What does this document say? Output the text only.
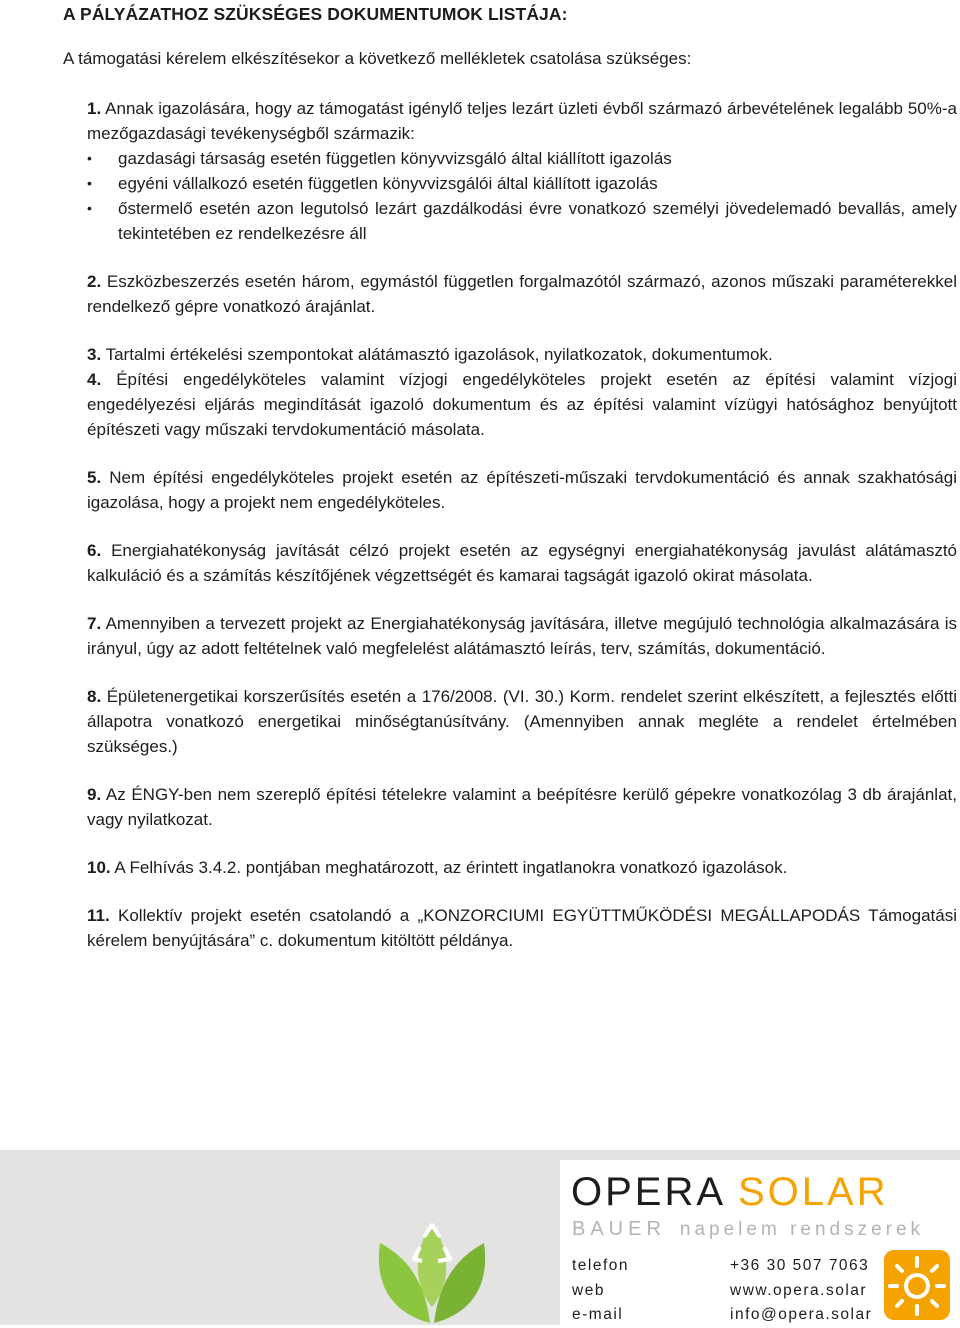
A PÁLYÁZATHOZ SZÜKSÉGES DOKUMENTUMOK LISTÁJA:
A támogatási kérelem elkészítésekor a következő mellékletek csatolása szükséges:

1. Annak igazolására, hogy az támogatást igénylő teljes lezárt üzleti évből származó árbevételének legalább 50%-a mezőgazdasági tevékenységből származik:

• gazdasági társaság esetén független könyvvizsgáló által kiállított igazolás
• egyéni vállalkozó esetén független könyvvizsgálói által kiállított igazolás
• őstermelő esetén azon legutolsó lezárt gazdálkodási évre vonatkozó személyi jövedelemadó bevallás, amely tekintetében ez rendelkezésre áll

2. Eszközbeszerzés esetén három, egymástól független forgalmazótól származó, azonos műszaki paraméterekkel rendelkező gépre vonatkozó árajánlat.

3. Tartalmi értékelési szempontokat alátámasztó igazolások, nyilatkozatok, dokumentumok.

4. Építési engedélyköteles valamint vízjogi engedélyköteles projekt esetén az építési valamint vízjogi engedélyezési eljárás megindítását igazoló dokumentum és az építési valamint vízügyi hatósághoz benyújtott építészeti vagy műszaki tervdokumentáció másolata.

5. Nem építési engedélyköteles projekt esetén az építészeti-műszaki tervdokumentáció és annak szakhatósági igazolása, hogy a projekt nem engedélyköteles.

6. Energiahatékonyság javítását célzó projekt esetén az egységnyi energiahatékonyság javulást alátámasztó kalkuláció és a számítás készítőjének végzettségét és kamarai tagságát igazoló okirat másolata.

7. Amennyiben a tervezett projekt az Energiahatékonyság javítására, illetve megújuló technológia alkalmazására is irányul, úgy az adott feltételnek való megfelelést alátámasztó leírás, terv, számítás, dokumentáció.

8. Épületenergetikai korszerűsítés esetén a 176/2008. (VI. 30.) Korm. rendelet szerint elkészített, a fejlesztés előtti állapotra vonatkozó energetikai minőségtanúsítvány. (Amennyiben annak megléte a rendelet értelmében szükséges.)

9. Az ÉNGY-ben nem szereplő építési tételekre valamint a beépítésre kerülő gépekre vonatkozólag 3 db árajánlat, vagy nyilatkozat.

10. A Felhívás 3.4.2. pontjában meghatározott, az érintett ingatlanokra vonatkozó igazolások.

11. Kollektív projekt esetén csatolandó a „KONZORCIUMI EGYÜTTMŰKÖDÉSI MEGÁLLAPODÁS Támogatási kérelem benyújtására” c. dokumentum kitöltött példánya.

OPERA SOLAR
BAUER napelem rendszerek
telefon	+36 30 507 7063
web	www.opera.solar
e-mail	info@opera.solar
